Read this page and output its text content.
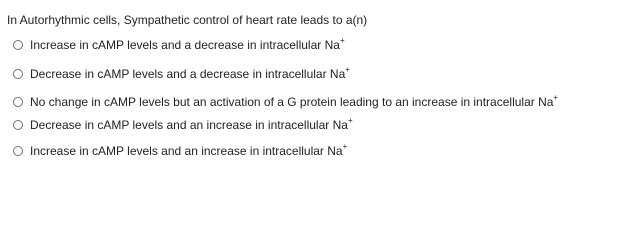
In Autorhythmic cells, Sympathetic control of heart rate leads to a(n)
Increase in cAMP levels and a decrease in intracellular Na+
Decrease in cAMP levels and a decrease in intracellular Na+
No change in cAMP levels but an activation of a G protein leading to an increase in intracellular Na+
Decrease in cAMP levels and an increase in intracellular Na+
Increase in cAMP levels and an increase in intracellular Na+
